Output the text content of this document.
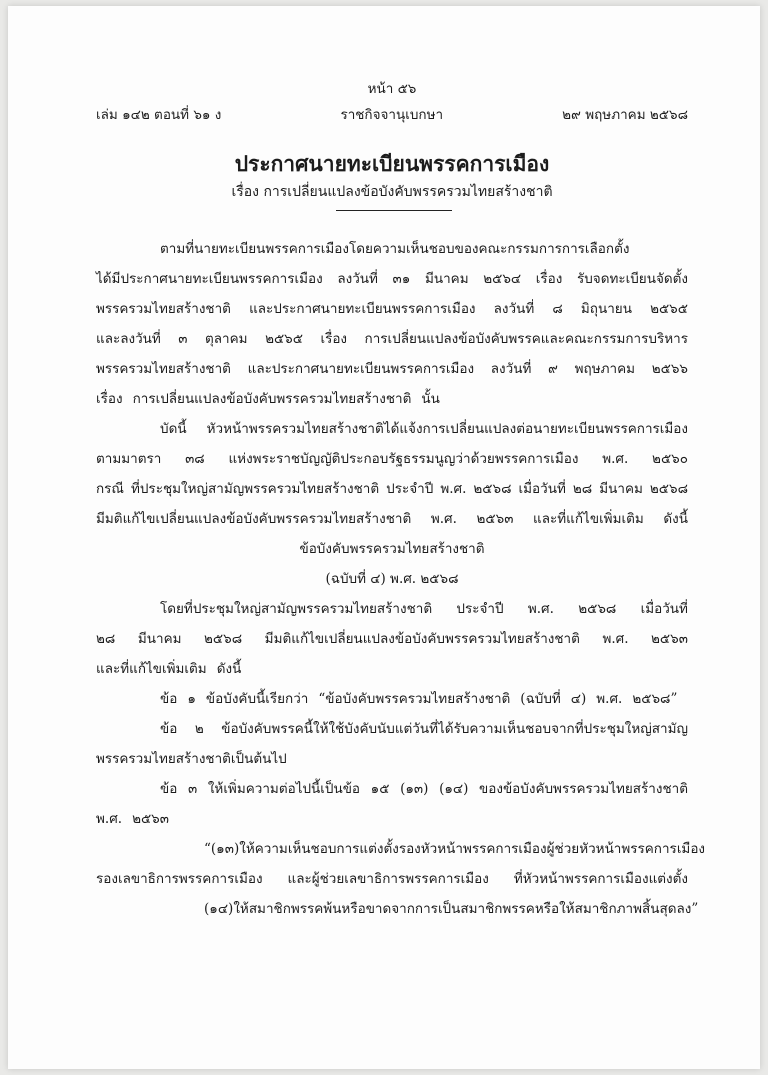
หน้า ๕๖
เล่ม ๑๔๒ ตอนที่ ๖๑ ง	ราชกิจจานุเบกษา	๒๙ พฤษภาคม ๒๕๖๘
ประกาศนายทะเบียนพรรคการเมือง
เรื่อง การเปลี่ยนแปลงข้อบังคับพรรครวมไทยสร้างชาติ
ตามที่นายทะเบียนพรรคการเมืองโดยความเห็นชอบของคณะกรรมการการเลือกตั้ง
ได้มีประกาศนายทะเบียนพรรคการเมือง ลงวันที่ ๓๑ มีนาคม ๒๕๖๔ เรื่อง รับจดทะเบียนจัดตั้ง
พรรครวมไทยสร้างชาติ และประกาศนายทะเบียนพรรคการเมือง ลงวันที่ ๘ มิถุนายน ๒๕๖๕
และลงวันที่ ๓ ตุลาคม ๒๕๖๕ เรื่อง การเปลี่ยนแปลงข้อบังคับพรรคและคณะกรรมการบริหาร
พรรครวมไทยสร้างชาติ และประกาศนายทะเบียนพรรคการเมือง ลงวันที่ ๙ พฤษภาคม ๒๕๖๖
เรื่อง การเปลี่ยนแปลงข้อบังคับพรรครวมไทยสร้างชาติ นั้น
บัดนี้ หัวหน้าพรรครวมไทยสร้างชาติได้แจ้งการเปลี่ยนแปลงต่อนายทะเบียนพรรคการเมือง
ตามมาตรา ๓๘ แห่งพระราชบัญญัติประกอบรัฐธรรมนูญว่าด้วยพรรคการเมือง พ.ศ. ๒๕๖๐
กรณี ที่ประชุมใหญ่สามัญพรรครวมไทยสร้างชาติ ประจำปี พ.ศ. ๒๕๖๘ เมื่อวันที่ ๒๘ มีนาคม ๒๕๖๘
มีมติแก้ไขเปลี่ยนแปลงข้อบังคับพรรครวมไทยสร้างชาติ พ.ศ. ๒๕๖๓ และที่แก้ไขเพิ่มเติม ดังนี้
ข้อบังคับพรรครวมไทยสร้างชาติ
(ฉบับที่ ๔) พ.ศ. ๒๕๖๘
โดยที่ประชุมใหญ่สามัญพรรครวมไทยสร้างชาติ ประจำปี พ.ศ. ๒๕๖๘ เมื่อวันที่
๒๘ มีนาคม ๒๕๖๘ มีมติแก้ไขเปลี่ยนแปลงข้อบังคับพรรครวมไทยสร้างชาติ พ.ศ. ๒๕๖๓
และที่แก้ไขเพิ่มเติม ดังนี้
ข้อ ๑ ข้อบังคับนี้เรียกว่า “ข้อบังคับพรรครวมไทยสร้างชาติ (ฉบับที่ ๔) พ.ศ. ๒๕๖๘”
ข้อ ๒ ข้อบังคับพรรคนี้ให้ใช้บังคับนับแต่วันที่ได้รับความเห็นชอบจากที่ประชุมใหญ่สามัญ
พรรครวมไทยสร้างชาติเป็นต้นไป
ข้อ ๓ ให้เพิ่มความต่อไปนี้เป็นข้อ ๑๕ (๑๓) (๑๔) ของข้อบังคับพรรครวมไทยสร้างชาติ
พ.ศ. ๒๕๖๓
“(๑๓) ให้ความเห็นชอบการแต่งตั้ง รองหัวหน้าพรรคการเมือง ผู้ช่วยหัวหน้าพรรคการเมือง
รองเลขาธิการพรรคการเมือง และผู้ช่วยเลขาธิการพรรคการเมือง ที่หัวหน้าพรรคการเมืองแต่งตั้ง
(๑๔) ให้สมาชิกพรรคพ้นหรือขาดจากการเป็นสมาชิกพรรคหรือให้สมาชิกภาพสิ้นสุดลง”
